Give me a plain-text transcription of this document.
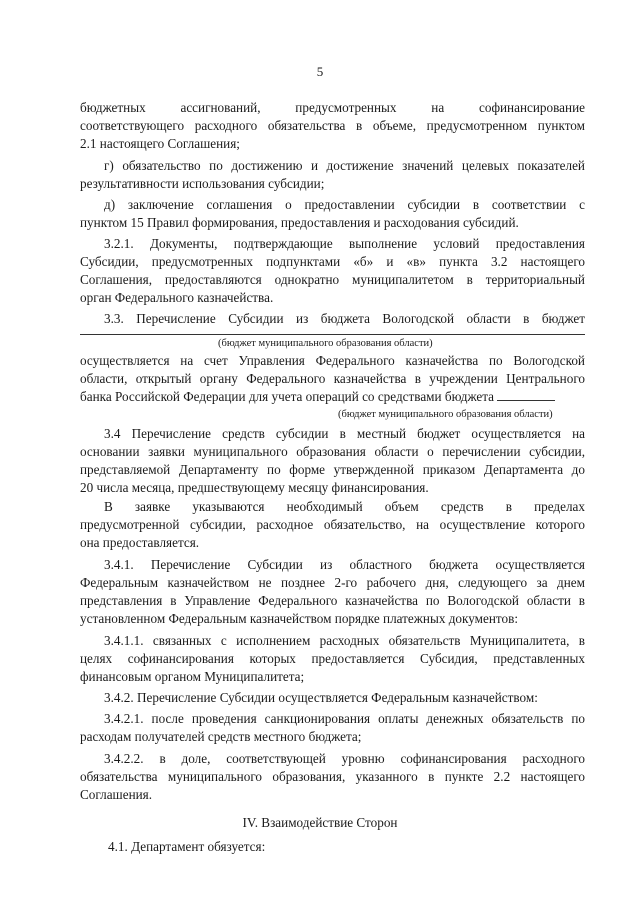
5
бюджетных ассигнований, предусмотренных на софинансирование
соответствующего расходного обязательства в объеме, предусмотренном пунктом
2.1 настоящего Соглашения;
г) обязательство по достижению и достижение значений целевых показателей
результативности использования субсидии;
д) заключение соглашения о предоставлении субсидии в соответствии с
пунктом 15 Правил формирования, предоставления и расходования субсидий.
3.2.1. Документы, подтверждающие выполнение условий предоставления
Субсидии, предусмотренных подпунктами «б» и «в» пункта 3.2 настоящего
Соглашения, предоставляются однократно муниципалитетом в территориальный
орган Федерального казначейства.
3.3. Перечисление Субсидии из бюджета Вологодской области в бюджет
(бюджет муниципального образования области)
осуществляется на счет Управления Федерального казначейства по Вологодской
области, открытый органу Федерального казначейства в учреждении Центрального
банка Российской Федерации для учета операций со средствами бюджета
(бюджет муниципального образования области)
3.4 Перечисление средств субсидии в местный бюджет осуществляется на
основании заявки муниципального образования области о перечислении субсидии,
представляемой Департаменту по форме утвержденной приказом Департамента до
20 числа месяца, предшествующему месяцу финансирования.
В заявке указываются необходимый объем средств в пределах
предусмотренной субсидии, расходное обязательство, на осуществление которого
она предоставляется.
3.4.1. Перечисление Субсидии из областного бюджета осуществляется
Федеральным казначейством не позднее 2-го рабочего дня, следующего за днем
представления в Управление Федерального казначейства по Вологодской области в
установленном Федеральным казначейством порядке платежных документов:
3.4.1.1. связанных с исполнением расходных обязательств Муниципалитета, в
целях софинансирования которых предоставляется Субсидия, представленных
финансовым органом Муниципалитета;
3.4.2. Перечисление Субсидии осуществляется Федеральным казначейством:
3.4.2.1. после проведения санкционирования оплаты денежных обязательств по
расходам получателей средств местного бюджета;
3.4.2.2. в доле, соответствующей уровню софинансирования расходного
обязательства муниципального образования, указанного в пункте 2.2 настоящего
Соглашения.
IV. Взаимодействие Сторон
4.1. Департамент обязуется:
